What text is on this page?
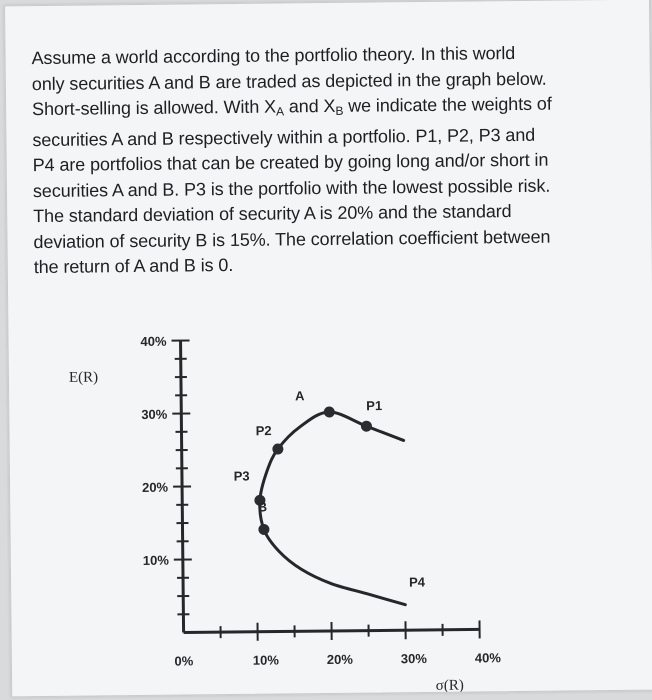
Assume a world according to the portfolio theory. In this world

only securities A and B are traded as depicted in the graph below.

Short-selling is allowed. With $X_A$ and $X_B$ we indicate the weights of

securities A and B respectively within a portfolio. P1, P2, P3 and

P4 are portfolios that can be created by going long and/or short in

securities A and B. P3 is the portfolio with the lowest possible risk.

The standard deviation of security A is 20% and the standard

deviation of security B is 15%. The correlation coefficient between

the return of A and B is 0.

10%
20%
30%
40%
0%	10%	20%	30%	40%
E(R)
σ(R)
P1
A
P2
P3
B
P4
